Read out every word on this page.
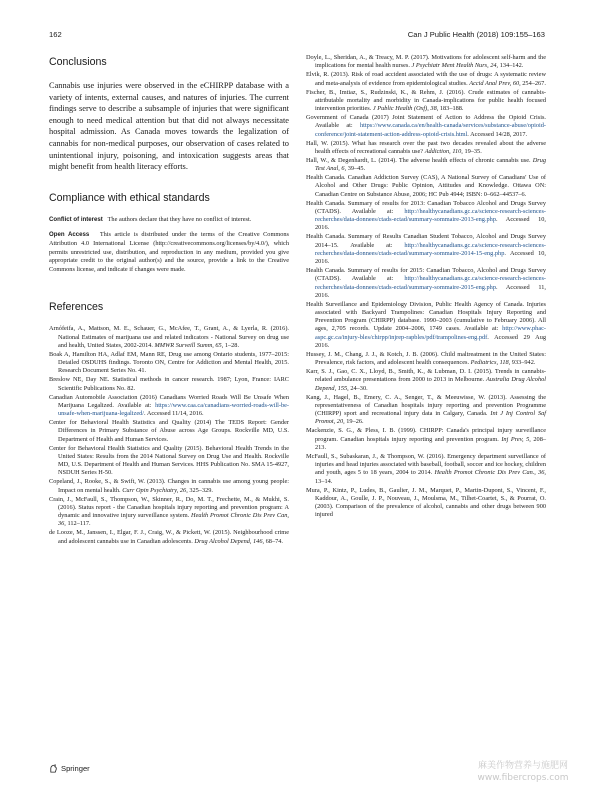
162	Can J Public Health (2018) 109:155–163
Conclusions

Cannabis use injuries were observed in the eCHIRPP database with a variety of intents, external causes, and natures of injuries. The current findings serve to describe a subsample of injuries that were significant enough to need medical attention but that did not always necessitate hospital admission. As Canada moves towards the legalization of cannabis for non-medical purposes, our observation of cases related to unintentional injury, poisoning, and intoxication suggests areas that might benefit from health literacy efforts.

Compliance with ethical standards

Conflict of interest The authors declare that they have no conflict of interest.

Open Access This article is distributed under the terms of the Creative Commons Attribution 4.0 International License (http://creativecommons.org/licenses/by/4.0/), which permits unrestricted use, distribution, and reproduction in any medium, provided you give appropriate credit to the original author(s) and the source, provide a link to the Creative Commons license, and indicate if changes were made.

References
Arnófeifa, A., Mattson, M. E., Schauer, G., McAfee, T., Grant, A., & Lyerla, R. (2016). National Estimates of marijuana use and related indicators - National Survey on drug use and health, United States, 2002-2014. MMWR Surveill Summ, 65, 1–28.
Boak A, Hamilton HA, Adlaf EM, Mann RE, Drug use among Ontario students, 1977–2015: Detailed OSDUHS findings. Toronto ON, Centre for Addiction and Mental Health, 2015. Research Document Series No. 41.
Breslow NE, Day NE. Statistical methods in cancer research. 1987; Lyon, France: IARC Scientific Publications No. 82.
Canadian Automobile Association (2016) Canadians Worried Roads Will Be Unsafe When Marijuana Legalized. Available at: https://www.caa.ca/canadians-worried-roads-will-be-unsafe-when-marijuana-legalized/. Accessed 11/14, 2016.
Center for Behavioral Health Statistics and Quality (2014) The TEDS Report: Gender Differences in Primary Substance of Abuse across Age Groups. Rockville MD, U.S. Department of Health and Human Services.
Center for Behavioral Health Statistics and Quality (2015). Behavioral Health Trends in the United States: Results from the 2014 National Survey on Drug Use and Health. Rockville MD, U.S. Department of Health and Human Services. HHS Publication No. SMA 15-4927, NSDUH Series H-50.
Copeland, J., Rooke, S., & Swift, W. (2013). Changes in cannabis use among young people: Impact on mental health. Curr Opin Psychiatry, 26, 325–329.
Crain, J., McFaull, S., Thompson, W., Skinner, R., Do, M. T., Frechette, M., & Mukhi, S. (2016). Status report - the Canadian hospitals injury reporting and prevention program: A dynamic and innovative injury surveillance system. Health Promot Chronic Dis Prev Can, 36, 112–117.
de Looze, M., Janssen, I., Elgar, F. J., Craig, W., & Pickett, W. (2015). Neighbourhood crime and adolescent cannabis use in Canadian adolescents. Drug Alcohol Depend, 146, 68–74.
Doyle, L., Sheridan, A., & Treacy, M. P. (2017). Motivations for adolescent self-harm and the implications for mental health nurses. J Psychiatr Ment Health Nurs, 24, 134–142.
Elvik, R. (2013). Risk of road accident associated with the use of drugs: A systematic review and meta-analysis of evidence from epidemiological studies. Accid Anal Prev, 60, 254–267.
Fischer, B., Imtiaz, S., Rudzinski, K., & Rehm, J. (2016). Crude estimates of cannabis-attributable mortality and morbidity in Canada-implications for public health focused intervention priorities. J Public Health (Oxf), 38, 183–188.
Government of Canada (2017) Joint Statement of Action to Address the Opioid Crisis. Available at: https://www.canada.ca/en/health-canada/services/substance-abuse/opioid-conference/joint-statement-action-address-opioid-crisis.html. Accessed 14/28, 2017.
Hall, W. (2015). What has research over the past two decades revealed about the adverse health effects of recreational cannabis use? Addiction, 110, 19–35.
Hall, W., & Degenhardt, L. (2014). The adverse health effects of chronic cannabis use. Drug Test Anal, 6, 39–45.
Health Canada. Canadian Addiction Survey (CAS), A National Survey of Canadians' Use of Alcohol and Other Drugs: Public Opinion, Attitudes and Knowledge. Ottawa ON: Canadian Centre on Substance Abuse, 2006; HC Pub 4944; ISBN: 0–662–44537–6.
Health Canada. Summary of results for 2013: Canadian Tobacco Alcohol and Drugs Survey (CTADS). Available at: http://healthycanadians.gc.ca/science-research-sciences-recherches/data-donnees/ctads-ectad/summary-sommaire-2013-eng.php. Accessed 10, 2016.
Health Canada. Summary of Results Canadian Student Tobacco, Alcohol and Drugs Survey 2014–15. Available at: http://healthycanadians.gc.ca/science-research-sciences-recherches/data-donnees/ctads-ectad/summary-sommaire-2014-15-eng.php. Accessed 10, 2016.
Health Canada. Summary of results for 2015: Canadian Tobacco, Alcohol and Drugs Survey (CTADS). Available at: http://healthycanadians.gc.ca/science-research-sciences-recherches/data-donnees/ctads-ectad/summary-sommaire-2015-eng.php. Accessed 11, 2016.
Health Surveillance and Epidemiology Division, Public Health Agency of Canada. Injuries associated with Backyard Trampolines: Canadian Hospitals Injury Reporting and Prevention Program (CHIRPP) database. 1990–2003 (cumulative to February 2006). All ages, 2,705 records. Update 2004–2006, 1749 cases. Available at: http://www.phac-aspc.gc.ca/injury-bles/chirpp/injrep-rapbles/pdf/trampolines-eng.pdf. Accessed 29 Aug 2016.
Hussey, J. M., Chang, J. J., & Kotch, J. B. (2006). Child maltreatment in the United States: Prevalence, risk factors, and adolescent health consequences. Pediatrics, 118, 933–942.
Karr, S. J., Gao, C. X., Lloyd, B., Smith, K., & Lubman, D. I. (2015). Trends in cannabis-related ambulance presentations from 2000 to 2013 in Melbourne. Australia Drug Alcohol Depend, 155, 24–30.
Kang, J., Hagel, B., Emery, C. A., Senger, T., & Meeuwisse, W. (2013). Assessing the representativeness of Canadian hospitals injury reporting and prevention Programme (CHIRPP) sport and recreational injury data in Calgary, Canada. Int J Inj Control Saf Promot, 20, 19–26.
Mackenzie, S. G., & Pless, I. B. (1999). CHIRPP: Canada's principal injury surveillance program. Canadian hospitals injury reporting and prevention program. Inj Prev, 5, 208–213.
McFaull, S., Subaskaran, J., & Thompson, W. (2016). Emergency department surveillance of injuries and head injuries associated with baseball, football, soccer and ice hockey, children and youth, ages 5 to 18 years, 2004 to 2014. Health Promot Chronic Dis Prev Can., 36, 13–14.
Mura, P., Kintz, P., Ludes, B., Gaulier, J. M., Marquet, P., Martin-Dupont, S., Vincent, F., Kaddour, A., Goulle, J. P., Nouveau, J., Moulsma, M., Tilhet-Coartet, S., & Pourrat, O. (2003). Comparison of the prevalence of alcohol, cannabis and other drugs between 900 injured
Springer	麻美作物营养与施肥网
www.fibercrops.com
